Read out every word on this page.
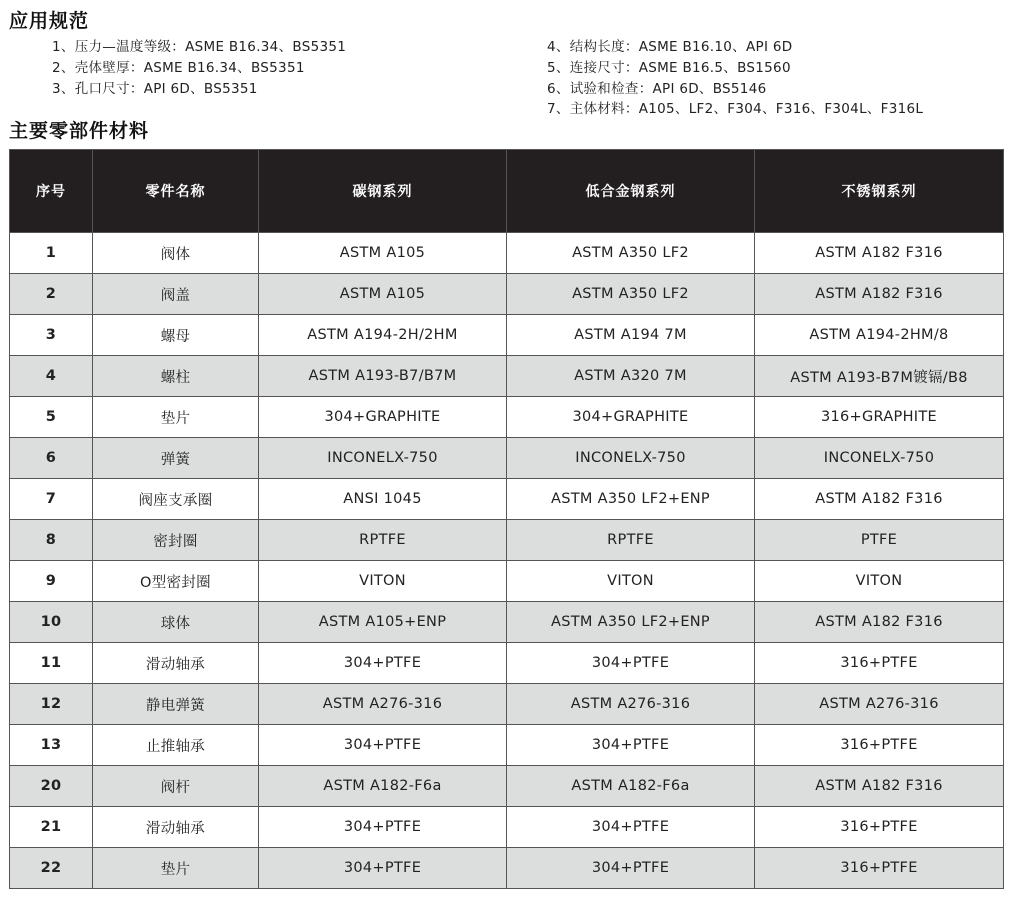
应用规范
1、压力—温度等级：ASME B16.34、BS5351
2、壳体壁厚：ASME B16.34、BS5351
3、孔口尺寸：API 6D、BS5351
4、结构长度：ASME B16.10、API 6D
5、连接尺寸：ASME B16.5、BS1560
6、试验和检查：API 6D、BS5146
7、主体材料：A105、LF2、F304、F316、F304L、F316L
主要零部件材料
序号	零件名称	碳钢系列	低合金钢系列	不锈钢系列
1	阀体	ASTM A105	ASTM A350 LF2	ASTM A182 F316
2	阀盖	ASTM A105	ASTM A350 LF2	ASTM A182 F316
3	螺母	ASTM A194-2H/2HM	ASTM A194 7M	ASTM A194-2HM/8
4	螺柱	ASTM A193-B7/B7M	ASTM A320 7M	ASTM A193-B7M镀镉/B8
5	垫片	304+GRAPHITE	304+GRAPHITE	316+GRAPHITE
6	弹簧	INCONELX-750	INCONELX-750	INCONELX-750
7	阀座支承圈	ANSI 1045	ASTM A350 LF2+ENP	ASTM A182 F316
8	密封圈	RPTFE	RPTFE	PTFE
9	O型密封圈	VITON	VITON	VITON
10	球体	ASTM A105+ENP	ASTM A350 LF2+ENP	ASTM A182 F316
11	滑动轴承	304+PTFE	304+PTFE	316+PTFE
12	静电弹簧	ASTM A276-316	ASTM A276-316	ASTM A276-316
13	止推轴承	304+PTFE	304+PTFE	316+PTFE
20	阀杆	ASTM A182-F6a	ASTM A182-F6a	ASTM A182 F316
21	滑动轴承	304+PTFE	304+PTFE	316+PTFE
22	垫片	304+PTFE	304+PTFE	316+PTFE
